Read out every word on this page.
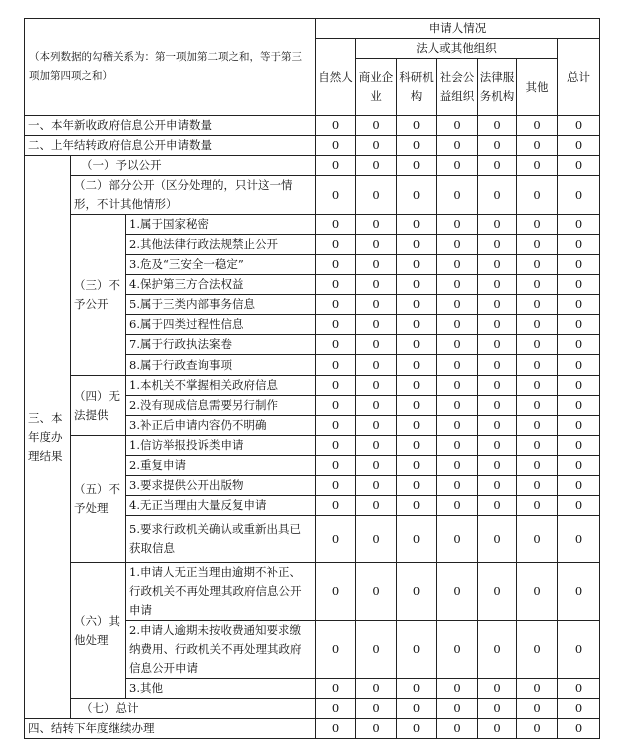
（本列数据的勾稽关系为：第一项加第二项之和，等于第三项加第四项之和）			申请人情况						
			自然人	法人或其他组织					总计
				商业企业	科研机构	社会公益组织	法律服务机构	其他	
一、本年新收政府信息公开申请数量			0	0	0	0	0	0	0
二、上年结转政府信息公开申请数量			0	0	0	0	0	0	0
三、本年度办理结果	（一）予以公开		0	0	0	0	0	0	0
	（二）部分公开（区分处理的，只计这一情形，不计其他情形）		0	0	0	0	0	0	0
	（三）不予公开	1.属于国家秘密	0	0	0	0	0	0	0
		2.其他法律行政法规禁止公开	0	0	0	0	0	0	0
		3.危及“三安全一稳定”	0	0	0	0	0	0	0
		4.保护第三方合法权益	0	0	0	0	0	0	0
		5.属于三类内部事务信息	0	0	0	0	0	0	0
		6.属于四类过程性信息	0	0	0	0	0	0	0
		7.属于行政执法案卷	0	0	0	0	0	0	0
		8.属于行政查询事项	0	0	0	0	0	0	0
	（四）无法提供	1.本机关不掌握相关政府信息	0	0	0	0	0	0	0
		2.没有现成信息需要另行制作	0	0	0	0	0	0	0
		3.补正后申请内容仍不明确	0	0	0	0	0	0	0
	（五）不予处理	1.信访举报投诉类申请	0	0	0	0	0	0	0
		2.重复申请	0	0	0	0	0	0	0
		3.要求提供公开出版物	0	0	0	0	0	0	0
		4.无正当理由大量反复申请	0	0	0	0	0	0	0
		5.要求行政机关确认或重新出具已获取信息	0	0	0	0	0	0	0
	（六）其他处理	1.申请人无正当理由逾期不补正、行政机关不再处理其政府信息公开申请	0	0	0	0	0	0	0
		2.申请人逾期未按收费通知要求缴纳费用、行政机关不再处理其政府信息公开申请	0	0	0	0	0	0	0
		3.其他	0	0	0	0	0	0	0
	（七）总计		0	0	0	0	0	0	0
四、结转下年度继续办理			0	0	0	0	0	0	0
